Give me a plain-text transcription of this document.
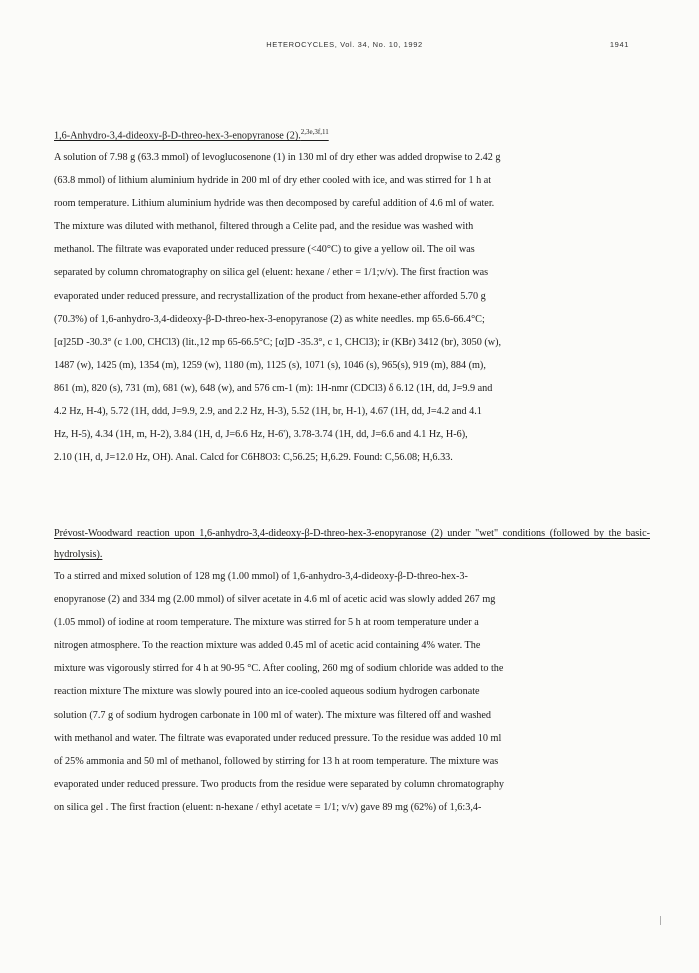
HETEROCYCLES, Vol. 34, No. 10, 1992	1941
1,6-Anhydro-3,4-dideoxy-β-D-threo-hex-3-enopyranose (2).$^{2,3e,3f,11}$
A solution of 7.98 g (63.3 mmol) of levoglucosenone (1) in 130 ml of dry ether was added dropwise to 2.42 g
(63.8 mmol) of lithium aluminium hydride in 200 ml of dry ether cooled with ice, and was stirred for 1 h at
room temperature. Lithium aluminium hydride was then decomposed by careful addition of 4.6 ml of water.
The mixture was diluted with methanol, filtered through a Celite pad, and the residue was washed with
methanol. The filtrate was evaporated under reduced pressure (<40°C) to give a yellow oil. The oil was
separated by column chromatography on silica gel (eluent: hexane / ether = 1/1;v/v). The first fraction was
evaporated under reduced pressure, and recrystallization of the product from hexane-ether afforded 5.70 g
(70.3%) of 1,6-anhydro-3,4-dideoxy-β-D-threo-hex-3-enopyranose (2) as white needles. mp 65.6-66.4°C;
[α]25D -30.3° (c 1.00, CHCl3) (lit.,12 mp 65-66.5°C; [α]D -35.3°, c 1, CHCl3); ir (KBr) 3412 (br), 3050 (w),
1487 (w), 1425 (m), 1354 (m), 1259 (w), 1180 (m), 1125 (s), 1071 (s), 1046 (s), 965(s), 919 (m), 884 (m),
861 (m), 820 (s), 731 (m), 681 (w), 648 (w), and 576 cm-1 (m): 1H-nmr (CDCl3) δ 6.12 (1H, dd, J=9.9 and
4.2 Hz, H-4), 5.72 (1H, ddd, J=9.9, 2.9, and 2.2 Hz, H-3), 5.52 (1H, br, H-1), 4.67 (1H, dd, J=4.2 and 4.1
Hz, H-5), 4.34 (1H, m, H-2), 3.84 (1H, d, J=6.6 Hz, H-6'), 3.78-3.74 (1H, dd, J=6.6 and 4.1 Hz, H-6),
2.10 (1H, d, J=12.0 Hz, OH). Anal. Calcd for C6H8O3: C,56.25; H,6.29. Found: C,56.08; H,6.33.
Prévost-Woodward reaction upon 1,6-anhydro-3,4-dideoxy-β-D-threo-hex-3-enopyranose (2) under "wet" conditions (followed by the basic-hydrolysis).
To a stirred and mixed solution of 128 mg (1.00 mmol) of 1,6-anhydro-3,4-dideoxy-β-D-threo-hex-3-
enopyranose (2) and 334 mg (2.00 mmol) of silver acetate in 4.6 ml of acetic acid was slowly added 267 mg
(1.05 mmol) of iodine at room temperature. The mixture was stirred for 5 h at room temperature under a
nitrogen atmosphere. To the reaction mixture was added 0.45 ml of acetic acid containing 4% water. The
mixture was vigorously stirred for 4 h at 90-95 °C. After cooling, 260 mg of sodium chloride was added to the
reaction mixture The mixture was slowly poured into an ice-cooled aqueous sodium hydrogen carbonate
solution (7.7 g of sodium hydrogen carbonate in 100 ml of water). The mixture was filtered off and washed
with methanol and water. The filtrate was evaporated under reduced pressure. To the residue was added 10 ml
of 25% ammonia and 50 ml of methanol, followed by stirring for 13 h at room temperature. The mixture was
evaporated under reduced pressure. Two products from the residue were separated by column chromatography
on silica gel . The first fraction (eluent: n-hexane / ethyl acetate = 1/1; v/v) gave 89 mg (62%) of 1,6:3,4-
|
